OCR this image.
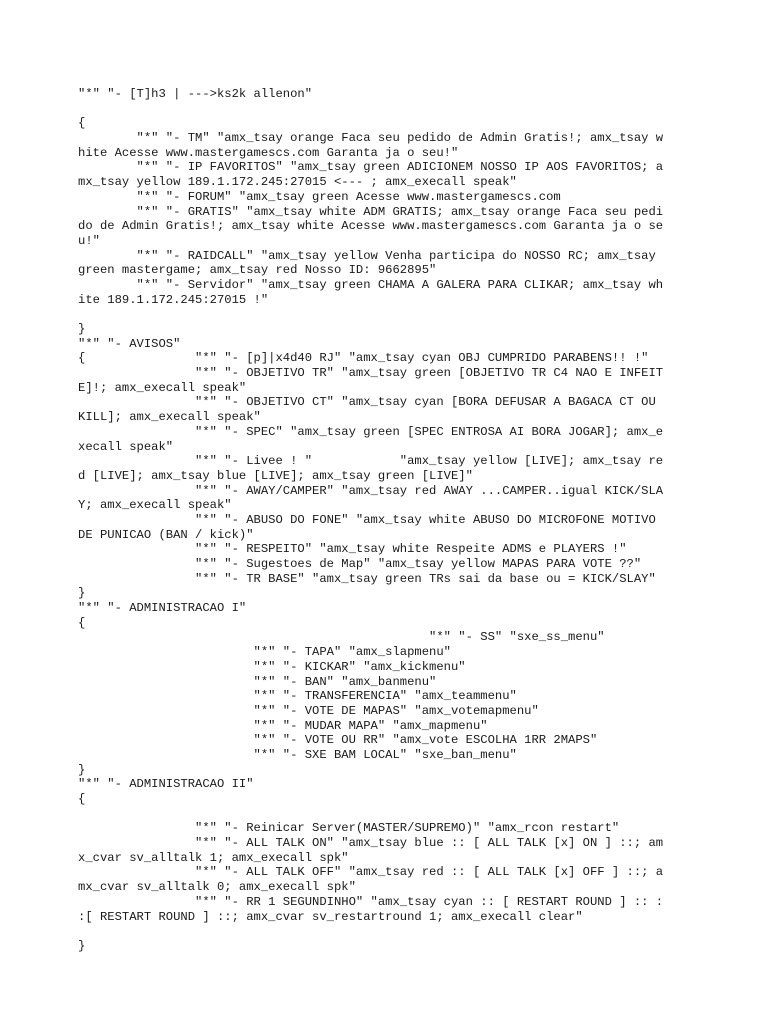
"*" "- [T]h3 | --->ks2k allenon"
{
"*" "- TM" "amx_tsay orange Faca seu pedido de Admin Gratis!; amx_tsay w
hite Acesse www.mastergamescs.com Garanta ja o seu!"
"*" "- IP FAVORITOS" "amx_tsay green ADICIONEM NOSSO IP AOS FAVORITOS; a
mx_tsay yellow 189.1.172.245:27015 <--- ; amx_execall speak"
"*" "- FORUM" "amx_tsay green Acesse www.mastergamescs.com
"*" "- GRATIS" "amx_tsay white ADM GRATIS; amx_tsay orange Faca seu pedi
do de Admin Gratis!; amx_tsay white Acesse www.mastergamescs.com Garanta ja o se
u!"
"*" "- RAIDCALL" "amx_tsay yellow Venha participa do NOSSO RC; amx_tsay
green mastergame; amx_tsay red Nosso ID: 9662895"
"*" "- Servidor" "amx_tsay green CHAMA A GALERA PARA CLIKAR; amx_tsay wh
ite 189.1.172.245:27015 !"
}
"*" "- AVISOS"
{               "*" "- [p]|x4d40 RJ" "amx_tsay cyan OBJ CUMPRIDO PARABENS!! !"
"*" "- OBJETIVO TR" "amx_tsay green [OBJETIVO TR C4 NAO E INFEIT
E]!; amx_execall speak"
"*" "- OBJETIVO CT" "amx_tsay cyan [BORA DEFUSAR A BAGACA CT OU
KILL]; amx_execall speak"
"*" "- SPEC" "amx_tsay green [SPEC ENTROSA AI BORA JOGAR]; amx_e
xecall speak"
"*" "- Livee ! "            "amx_tsay yellow [LIVE]; amx_tsay re
d [LIVE]; amx_tsay blue [LIVE]; amx_tsay green [LIVE]"
"*" "- AWAY/CAMPER" "amx_tsay red AWAY ...CAMPER..igual KICK/SLA
Y; amx_execall speak"
"*" "- ABUSO DO FONE" "amx_tsay white ABUSO DO MICROFONE MOTIVO
DE PUNICAO (BAN / kick)"
"*" "- RESPEITO" "amx_tsay white Respeite ADMS e PLAYERS !"
"*" "- Sugestoes de Map" "amx_tsay yellow MAPAS PARA VOTE ??"
"*" "- TR BASE" "amx_tsay green TRs sai da base ou = KICK/SLAY"
}
"*" "- ADMINISTRACAO I"
{
"*" "- SS" "sxe_ss_menu"
"*" "- TAPA" "amx_slapmenu"
"*" "- KICKAR" "amx_kickmenu"
"*" "- BAN" "amx_banmenu"
"*" "- TRANSFERENCIA" "amx_teammenu"
"*" "- VOTE DE MAPAS" "amx_votemapmenu"
"*" "- MUDAR MAPA" "amx_mapmenu"
"*" "- VOTE OU RR" "amx_vote ESCOLHA 1RR 2MAPS"
"*" "- SXE BAM LOCAL" "sxe_ban_menu"
}
"*" "- ADMINISTRACAO II"
{
"*" "- Reinicar Server(MASTER/SUPREMO)" "amx_rcon restart"
"*" "- ALL TALK ON" "amx_tsay blue :: [ ALL TALK [x] ON ] ::; am
x_cvar sv_alltalk 1; amx_execall spk"
"*" "- ALL TALK OFF" "amx_tsay red :: [ ALL TALK [x] OFF ] ::; a
mx_cvar sv_alltalk 0; amx_execall spk"
"*" "- RR 1 SEGUNDINHO" "amx_tsay cyan :: [ RESTART ROUND ] :: :
:[ RESTART ROUND ] ::; amx_cvar sv_restartround 1; amx_execall clear"
}
